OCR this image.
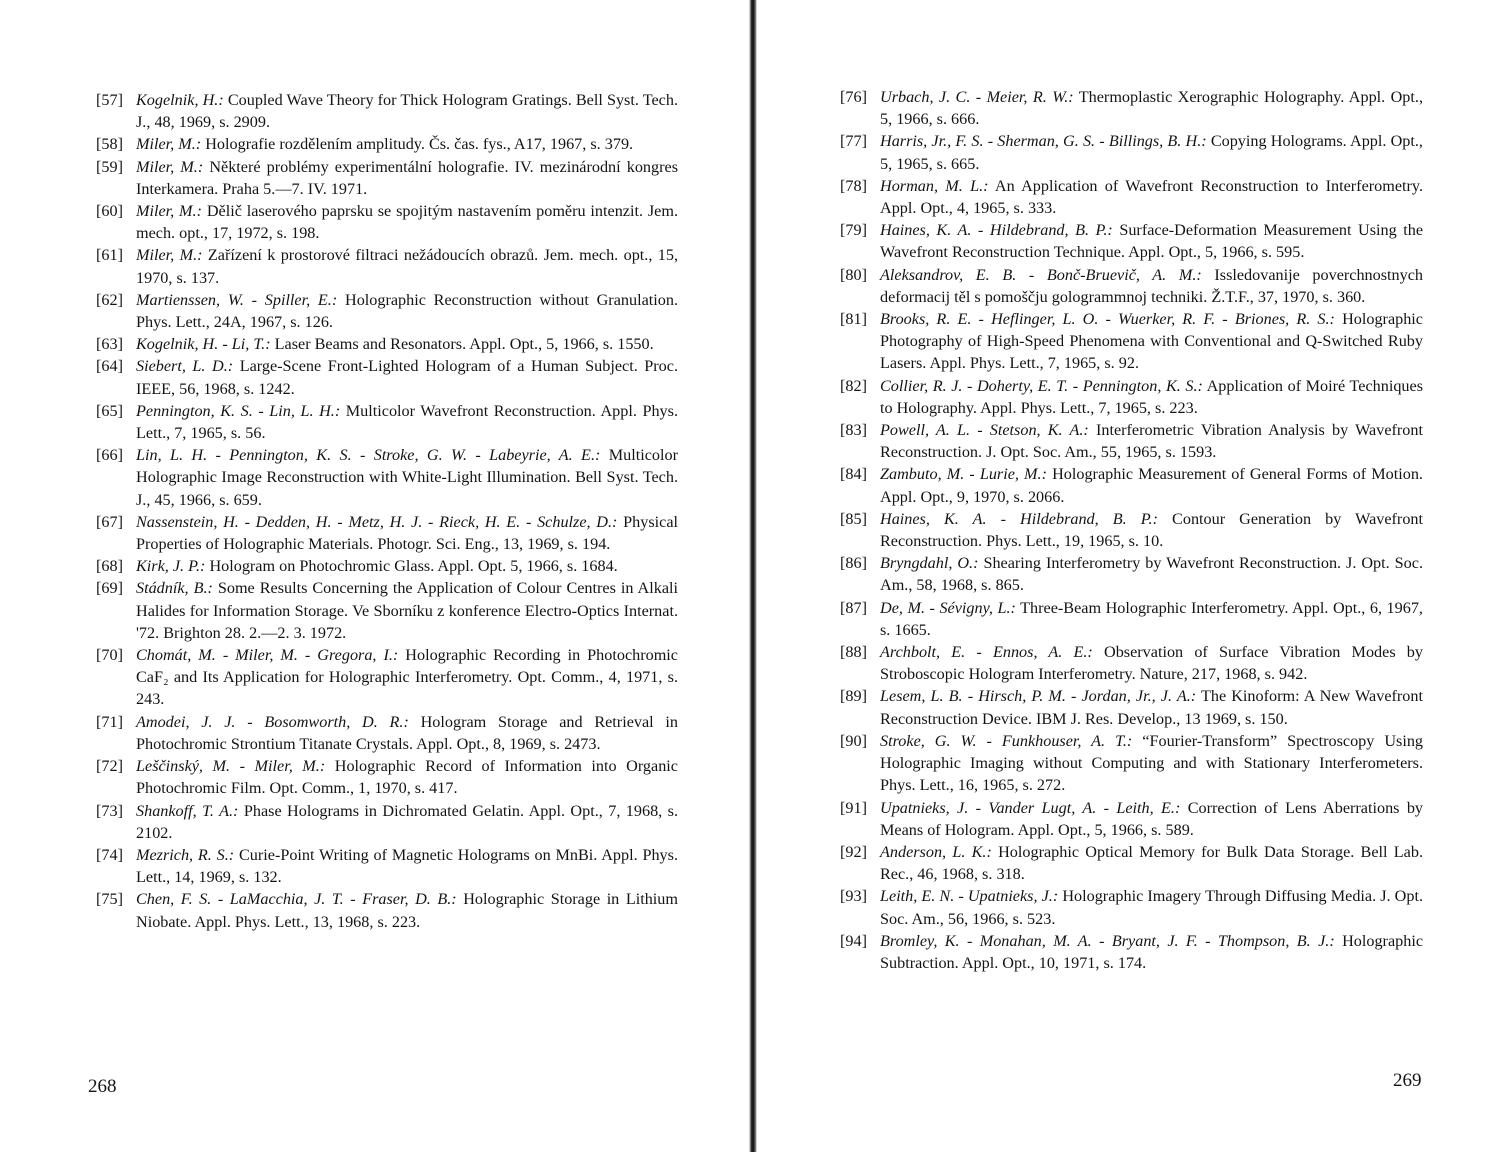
[57] Kogelnik, H.: Coupled Wave Theory for Thick Hologram Gratings. Bell Syst. Tech. J., 48, 1969, s. 2909.
[58] Miler, M.: Holografie rozdělením amplitudy. Čs. čas. fys., A17, 1967, s. 379.
[59] Miler, M.: Některé problémy experimentální holografie. IV. mezinárodní kongres Interkamera. Praha 5.—7. IV. 1971.
[60] Miler, M.: Dělič laserového paprsku se spojitým nastavením poměru intenzit. Jem. mech. opt., 17, 1972, s. 198.
[61] Miler, M.: Zařízení k prostorové filtraci nežádoucích obrazů. Jem. mech. opt., 15, 1970, s. 137.
[62] Martienssen, W. - Spiller, E.: Holographic Reconstruction without Granulation. Phys. Lett., 24A, 1967, s. 126.
[63] Kogelnik, H. - Li, T.: Laser Beams and Resonators. Appl. Opt., 5, 1966, s. 1550.
[64] Siebert, L. D.: Large-Scene Front-Lighted Hologram of a Human Subject. Proc. IEEE, 56, 1968, s. 1242.
[65] Pennington, K. S. - Lin, L. H.: Multicolor Wavefront Reconstruction. Appl. Phys. Lett., 7, 1965, s. 56.
[66] Lin, L. H. - Pennington, K. S. - Stroke, G. W. - Labeyrie, A. E.: Multicolor Holographic Image Reconstruction with White-Light Illumination. Bell Syst. Tech. J., 45, 1966, s. 659.
[67] Nassenstein, H. - Dedden, H. - Metz, H. J. - Rieck, H. E. - Schulze, D.: Physical Properties of Holographic Materials. Photogr. Sci. Eng., 13, 1969, s. 194.
[68] Kirk, J. P.: Hologram on Photochromic Glass. Appl. Opt. 5, 1966, s. 1684.
[69] Stádník, B.: Some Results Concerning the Application of Colour Centres in Alkali Halides for Information Storage. Ve Sborníku z konference Electro-Optics Internat. '72. Brighton 28. 2.—2. 3. 1972.
[70] Chomát, M. - Miler, M. - Gregora, I.: Holographic Recording in Photochromic CaF₂ and Its Application for Holographic Interferometry. Opt. Comm., 4, 1971, s. 243.
[71] Amodei, J. J. - Bosomworth, D. R.: Hologram Storage and Retrieval in Photochromic Strontium Titanate Crystals. Appl. Opt., 8, 1969, s. 2473.
[72] Leščinský, M. - Miler, M.: Holographic Record of Information into Organic Photochromic Film. Opt. Comm., 1, 1970, s. 417.
[73] Shankoff, T. A.: Phase Holograms in Dichromated Gelatin. Appl. Opt., 7, 1968, s. 2102.
[74] Mezrich, R. S.: Curie-Point Writing of Magnetic Holograms on MnBi. Appl. Phys. Lett., 14, 1969, s. 132.
[75] Chen, F. S. - LaMacchia, J. T. - Fraser, D. B.: Holographic Storage in Lithium Niobate. Appl. Phys. Lett., 13, 1968, s. 223.
268
[76] Urbach, J. C. - Meier, R. W.: Thermoplastic Xerographic Holography. Appl. Opt., 5, 1966, s. 666.
[77] Harris, Jr., F. S. - Sherman, G. S. - Billings, B. H.: Copying Holograms. Appl. Opt., 5, 1965, s. 665.
[78] Horman, M. L.: An Application of Wavefront Reconstruction to Interferometry. Appl. Opt., 4, 1965, s. 333.
[79] Haines, K. A. - Hildebrand, B. P.: Surface-Deformation Measurement Using the Wavefront Reconstruction Technique. Appl. Opt., 5, 1966, s. 595.
[80] Aleksandrov, E. B. - Bonč-Bruevič, A. M.: Issledovanije poverchnostnych deformacij těl s pomoščju gologrammnoj techniki. Ž.T.F., 37, 1970, s. 360.
[81] Brooks, R. E. - Heflinger, L. O. - Wuerker, R. F. - Briones, R. S.: Holographic Photography of High-Speed Phenomena with Conventional and Q-Switched Ruby Lasers. Appl. Phys. Lett., 7, 1965, s. 92.
[82] Collier, R. J. - Doherty, E. T. - Pennington, K. S.: Application of Moiré Techniques to Holography. Appl. Phys. Lett., 7, 1965, s. 223.
[83] Powell, A. L. - Stetson, K. A.: Interferometric Vibration Analysis by Wavefront Reconstruction. J. Opt. Soc. Am., 55, 1965, s. 1593.
[84] Zambuto, M. - Lurie, M.: Holographic Measurement of General Forms of Motion. Appl. Opt., 9, 1970, s. 2066.
[85] Haines, K. A. - Hildebrand, B. P.: Contour Generation by Wavefront Reconstruction. Phys. Lett., 19, 1965, s. 10.
[86] Bryngdahl, O.: Shearing Interferometry by Wavefront Reconstruction. J. Opt. Soc. Am., 58, 1968, s. 865.
[87] De, M. - Sévigny, L.: Three-Beam Holographic Interferometry. Appl. Opt., 6, 1967, s. 1665.
[88] Archbolt, E. - Ennos, A. E.: Observation of Surface Vibration Modes by Stroboscopic Hologram Interferometry. Nature, 217, 1968, s. 942.
[89] Lesem, L. B. - Hirsch, P. M. - Jordan, Jr., J. A.: The Kinoform: A New Wavefront Reconstruction Device. IBM J. Res. Develop., 13 1969, s. 150.
[90] Stroke, G. W. - Funkhouser, A. T.: “Fourier-Transform” Spectroscopy Using Holographic Imaging without Computing and with Stationary Interferometers. Phys. Lett., 16, 1965, s. 272.
[91] Upatnieks, J. - Vander Lugt, A. - Leith, E.: Correction of Lens Aberrations by Means of Hologram. Appl. Opt., 5, 1966, s. 589.
[92] Anderson, L. K.: Holographic Optical Memory for Bulk Data Storage. Bell Lab. Rec., 46, 1968, s. 318.
[93] Leith, E. N. - Upatnieks, J.: Holographic Imagery Through Diffusing Media. J. Opt. Soc. Am., 56, 1966, s. 523.
[94] Bromley, K. - Monahan, M. A. - Bryant, J. F. - Thompson, B. J.: Holographic Subtraction. Appl. Opt., 10, 1971, s. 174.
269
